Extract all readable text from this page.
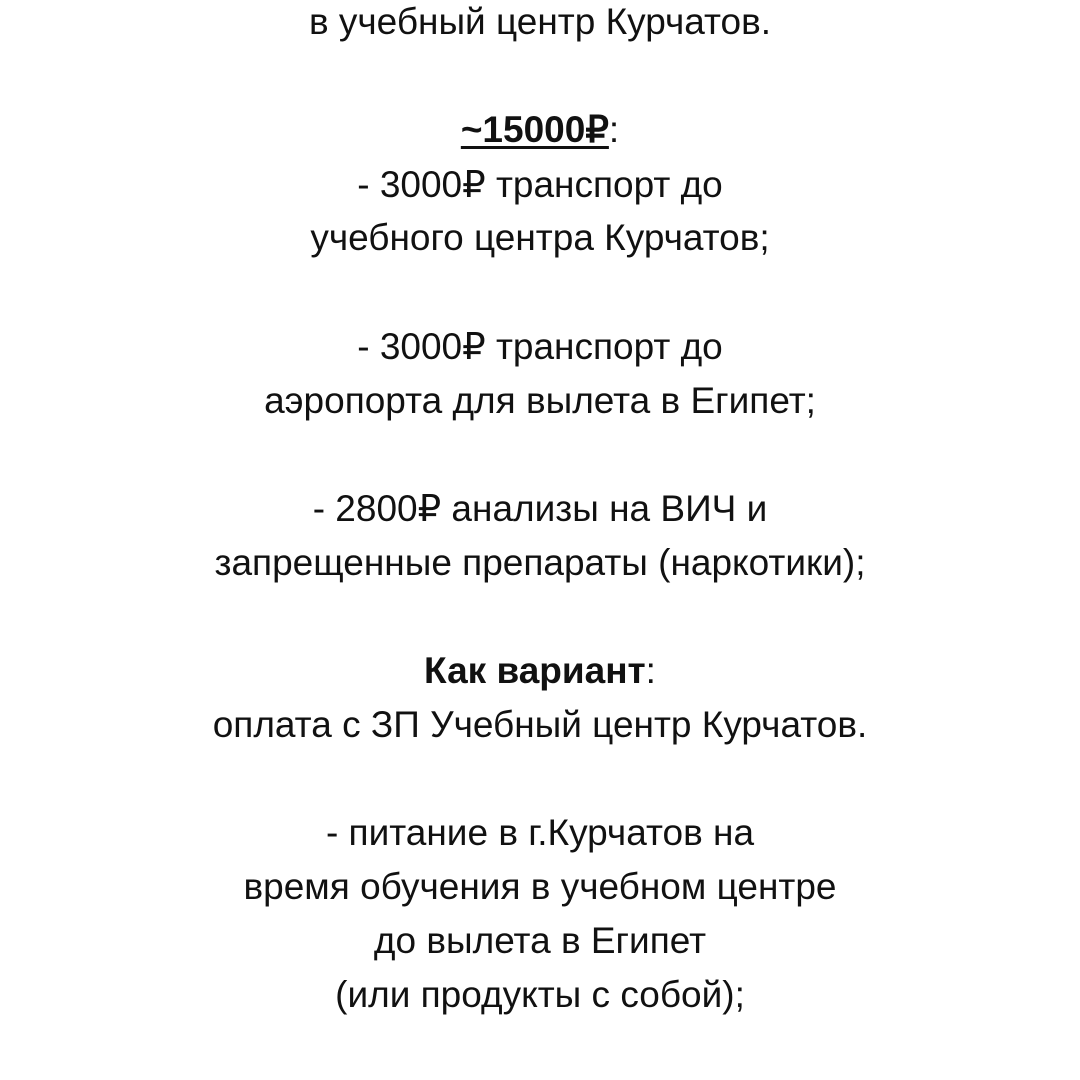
в учебный центр Курчатов.
~15000₽:
- 3000₽ транспорт до
учебного центра Курчатов;
- 3000₽ транспорт до
аэропорта для вылета в Египет;
- 2800₽ анализы на ВИЧ и
запрещенные препараты (наркотики);
Как вариант:
оплата с ЗП Учебный центр Курчатов.
- питание в г.Курчатов на
время обучения в учебном центре
до вылета в Египет
(или продукты с собой);
